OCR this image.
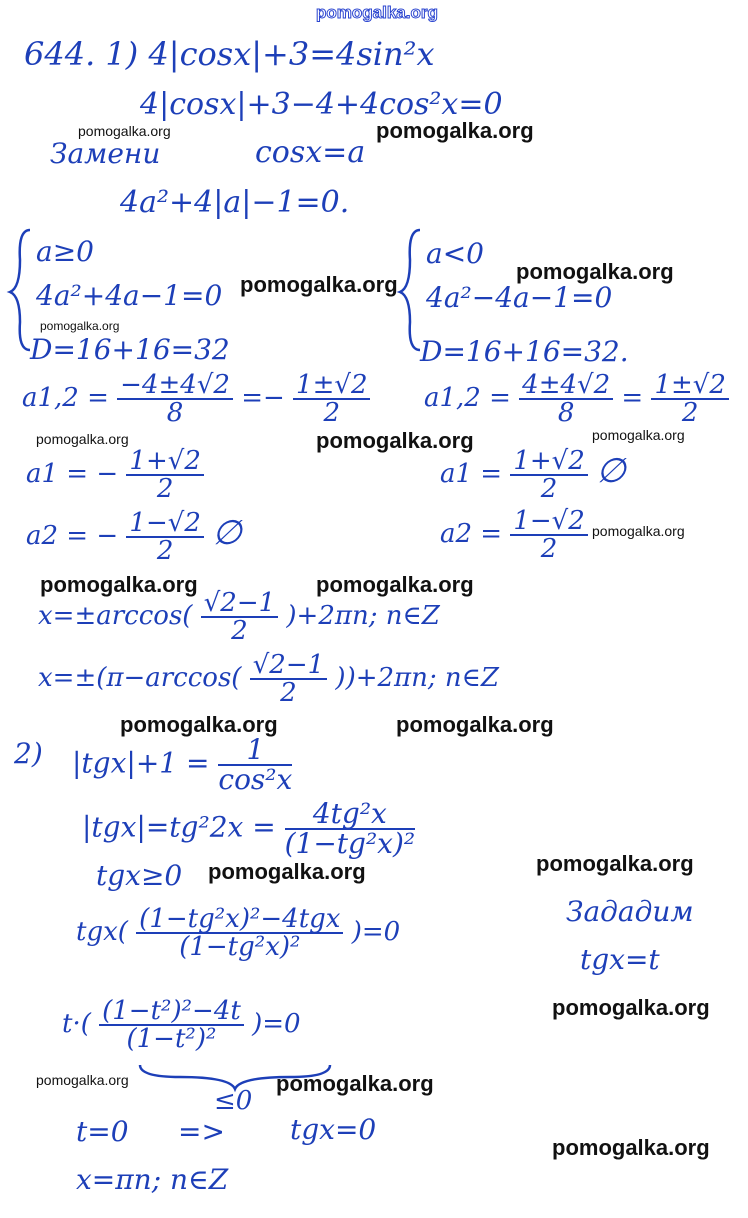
pomogalka.org
644. 1) 4|cosx|+3=4sin²x
4|cosx|+3−4+4cos²x=0
Замени	cosx=a
4a²+4|a|−1=0.
a≥0
4a²+4a−1=0
a<0
4a²−4a−1=0
D=16+16=32	D=16+16=32.
$a1,2 = \frac{-4\pm 4√2}{8} =- \frac{1\pm√2}{2} a1,2 = \frac{4\pm 4√2}{8} = \frac{1\pm√2}{2}$
a1 = − $\frac{1+√2}{2}$	$a1 = \frac{1+√2}{2}$ ∅
a2 = − $\frac{1-√2}{2}$ ∅	$a2 = \frac{1-√2}{2}$
$x=\pm\arccos( \frac{√2-1}{2} )+2\pi n$; n∈Z
$x=\pm(\pi-\arccos( \frac{√2-1}{2} ))+2\pi n$; n∈Z
2) $|tgx|+1 = \frac{1}{\text{cos²x}}$
$|tgx|=tg^22x = \frac{\text{4tg²x}}{\text{(1−tg²x)²}}$
tgx≥0
tgx( (1−tg²x)²−4tgx
(1−tg²x)²	)=0
Зададим
tgx=t
$t\cdot( \frac{\text{(1−t²)²−4t}}{\text{(1−t²)²}} )=0$
≤0
t=0 => tgx=0
x=πn; n∈Z
pomogalka.org	pomogalka.org
pomogalka.org
pomogalka.org
pomogalka.org
pomogalka.org	pomogalka.org	pomogalka.org
pomogalka.org
pomogalka.org	pomogalka.org
pomogalka.org	pomogalka.org
pomogalka.org
pomogalka.org
pomogalka.org
pomogalka.org	pomogalka.org
pomogalka.org
